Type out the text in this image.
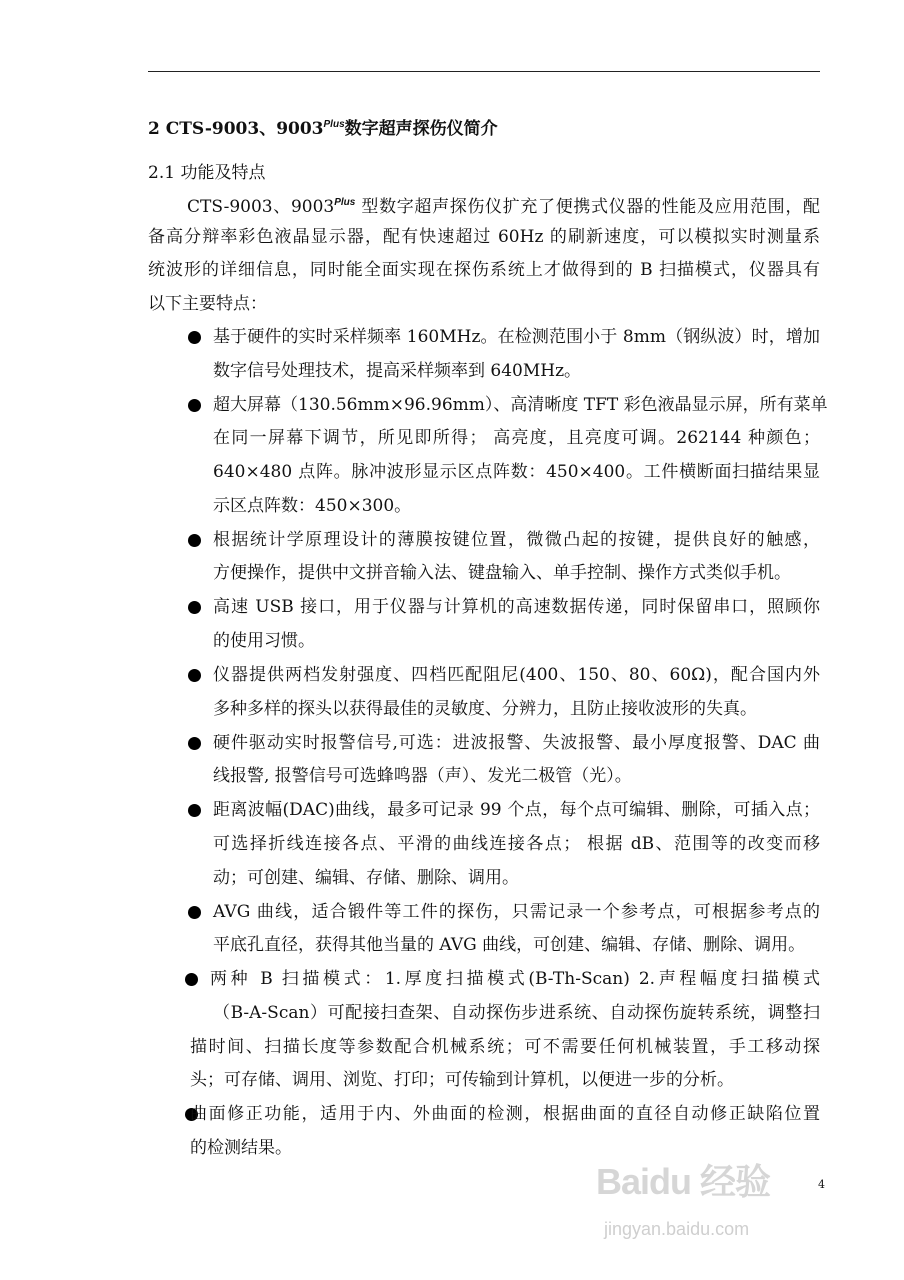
2 CTS-9003、$9003^{Plus}$数字超声探伤仪简介
2.1 功能及特点
CTS-9003、$9003^{Plus}$ 型数字超声探伤仪扩充了便携式仪器的性能及应用范围，配
备高分辩率彩色液晶显示器，配有快速超过 60Hz 的刷新速度，可以模拟实时测量系
统波形的详细信息，同时能全面实现在探伤系统上才做得到的 B 扫描模式，仪器具有
以下主要特点：
基于硬件的实时采样频率 160MHz。在检测范围小于 8mm（钢纵波）时，增加
数字信号处理技术，提高采样频率到 640MHz。
超大屏幕（130.56mm×96.96mm）、高清晰度 TFT 彩色液晶显示屏，所有菜单
在同一屏幕下调节，所见即所得； 高亮度，且亮度可调。262144 种颜色；
640×480 点阵。脉冲波形显示区点阵数：450×400。工件横断面扫描结果显
示区点阵数：450×300。
根据统计学原理设计的薄膜按键位置，微微凸起的按键，提供良好的触感，
方便操作，提供中文拼音输入法、键盘输入、单手控制、操作方式类似手机。
高速 USB 接口，用于仪器与计算机的高速数据传递，同时保留串口，照顾你
的使用习惯。
仪器提供两档发射强度、四档匹配阻尼(400、150、80、60Ω)，配合国内外
多种多样的探头以获得最佳的灵敏度、分辨力，且防止接收波形的失真。
硬件驱动实时报警信号,可选：进波报警、失波报警、最小厚度报警、DAC 曲
线报警, 报警信号可选蜂鸣器（声）、发光二极管（光）。
距离波幅(DAC)曲线，最多可记录 99 个点，每个点可编辑、删除，可插入点；
可选择折线连接各点、平滑的曲线连接各点； 根据 dB、范围等的改变而移
动；可创建、编辑、存储、删除、调用。
AVG 曲线，适合锻件等工件的探伤，只需记录一个参考点，可根据参考点的
平底孔直径，获得其他当量的 AVG 曲线，可创建、编辑、存储、删除、调用。
两种 B 扫描模式：1.厚度扫描模式(B-Th-Scan) 2.声程幅度扫描模式
（B-A-Scan）可配接扫查架、自动探伤步进系统、自动探伤旋转系统，调整扫
描时间、扫描长度等参数配合机械系统；可不需要任何机械装置，手工移动探
头；可存储、调用、浏览、打印；可传输到计算机，以便进一步的分析。
曲面修正功能，适用于内、外曲面的检测，根据曲面的直径自动修正缺陷位置
的检测结果。
4
Baidu 经验
jingyan.baidu.com
